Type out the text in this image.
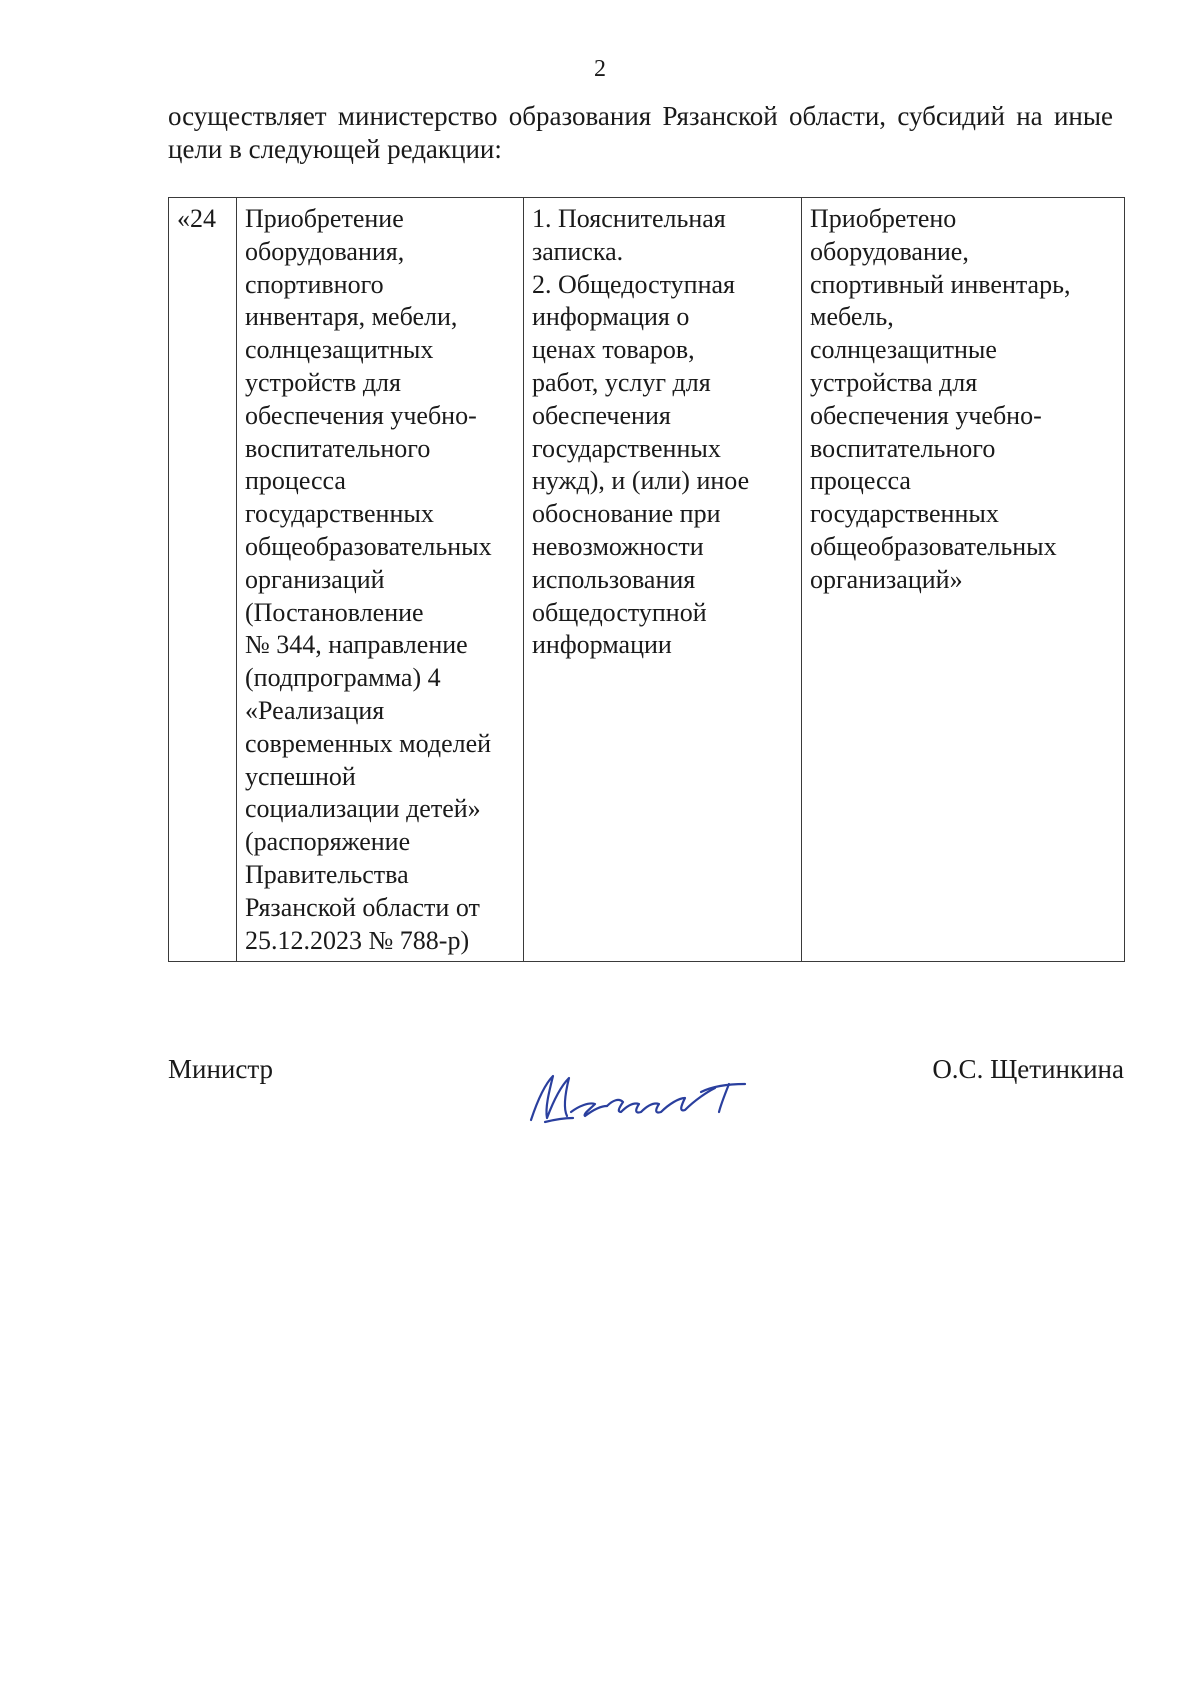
2

осуществляет министерство образования Рязанской области, субсидий на иные цели в следующей редакции:

«24	Приобретение
оборудования,
спортивного
инвентаря, мебели,
солнцезащитных
устройств для
обеспечения учебно-
воспитательного
процесса
государственных
общеобразовательных
организаций
(Постановление
№ 344, направление
(подпрограмма) 4
«Реализация
современных моделей
успешной
социализации детей»
(распоряжение
Правительства
Рязанской области от
25.12.2023 № 788-р)	1. Пояснительная
записка.
2. Общедоступная
информация о
ценах товаров,
работ, услуг для
обеспечения
государственных
нужд), и (или) иное
обоснование при
невозможности
использования
общедоступной
информации	Приобретено
оборудование,
спортивный инвентарь,
мебель,
солнцезащитные
устройства для
обеспечения учебно-
воспитательного
процесса
государственных
общеобразовательных
организаций»
Министр	О.С. Щетинкина
